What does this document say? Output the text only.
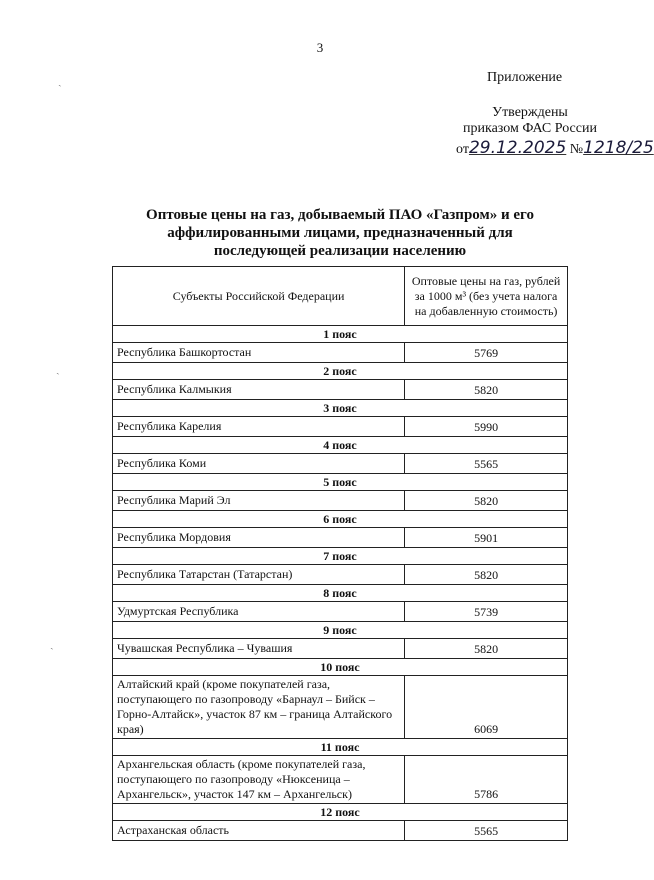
3
Приложение
Утверждены
приказом ФАС России
от29.12.2025 №1218/25
Оптовые цены на газ, добываемый ПАО «Газпром» и его аффилированными лицами, предназначенный для последующей реализации населению
Субъекты Российской Федерации	Оптовые цены на газ, рублей за 1000 м³ (без учета налога на добавленную стоимость)
1 пояс	
Республика Башкортостан	5769
2 пояс	
Республика Калмыкия	5820
3 пояс	
Республика Карелия	5990
4 пояс	
Республика Коми	5565
5 пояс	
Республика Марий Эл	5820
6 пояс	
Республика Мордовия	5901
7 пояс	
Республика Татарстан (Татарстан)	5820
8 пояс	
Удмуртская Республика	5739
9 пояс	
Чувашская Республика – Чувашия	5820
10 пояс	
Алтайский край (кроме покупателей газа, поступающего по газопроводу «Барнаул – Бийск – Горно-Алтайск», участок 87 км – граница Алтайского края)	6069
11 пояс	
Архангельская область (кроме покупателей газа, поступающего по газопроводу «Нюксеница – Архангельск», участок 147 км – Архангельск)	5786
12 пояс	
Астраханская область	5565
ˏ
ˏ
ˏ
